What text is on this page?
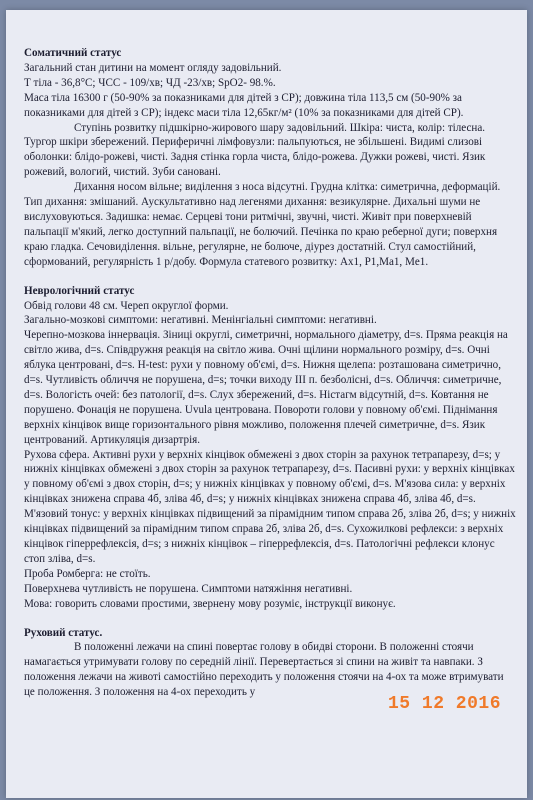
Соматичний статус

Загальний стан дитини на момент огляду задовільний.

Т тіла - 36,8°С; ЧСС - 109/хв; ЧД -23/хв; SpO2- 98.%.

Маса тіла 16300 г (50-90% за показниками для дітей з СР); довжина тіла 113,5 см (50-90% за показниками для дітей з СР); індекс маси тіла 12,65кг/м² (10% за показниками для дітей СР).

Ступінь розвитку підшкірно-жирового шару задовільний. Шкіра: чиста, колір: тілесна. Тургор шкіри збережений. Периферичні лімфовузли: пальпуються, не збільшені. Видимі слизові оболонки: блідо-рожеві, чисті. Задня стінка горла чиста, блідо-рожева. Дужки рожеві, чисті. Язик рожевий, вологий, чистий. Зуби сановані.

Дихання носом вільне; виділення з носа відсутні. Грудна клітка: симетрична, деформацій. Тип дихання: змішаний. Аускультативно над легенями дихання: везикулярне. Дихальні шуми не вислуховуються. Задишка: немає. Серцеві тони ритмічні, звучні, чисті. Живіт при поверхневій пальпації м'який, легко доступний пальпації, не болючий. Печінка по краю реберної дуги; поверхня краю гладка. Сечовиділення. вільне, регулярне, не болюче, діурез достатній. Стул самостійний, сформований, регулярність 1 р/добу. Формула статевого розвитку: Ax1, P1,Ma1, Me1.

Неврологічний статус

Обвід голови 48 см. Череп округлої форми.

Загально-мозкові симптоми: негативні. Менінгіальні симптоми: негативні.

Черепно-мозкова іннервація. Зіниці округлі, симетричні, нормального діаметру, d=s. Пряма реакція на світло жива, d=s. Співдружня реакція на світло жива. Очні щілини нормального розміру, d=s. Очні яблука центровані, d=s. H-test: рухи у повному об'ємі, d=s. Нижня щелепа: розташована симетрично, d=s. Чутливість обличчя не порушена, d=s; точки виходу ІІІ п. безболісні, d=s. Обличчя: симетричне, d=s. Вологість очей: без патології, d=s. Слух збережений, d=s. Ністагм відсутній, d=s. Ковтання не порушено. Фонація не порушена. Uvula центрована. Повороти голови у повному об'ємі. Піднімання верхніх кінцівок вище горизонтального рівня можливо, положення плечей симетричне, d=s. Язик центрований. Артикуляція дизартрія.

Рухова сфера. Активні рухи у верхніх кінцівок обмежені з двох сторін за рахунок тетрапарезу, d=s; у нижніх кінцівках обмежені з двох сторін за рахунок тетрапарезу, d=s. Пасивні рухи: у верхніх кінцівках у повному об'ємі з двох сторін, d=s; у нижніх кінцівках у повному об'ємі, d=s. М'язова сила: у верхніх кінцівках знижена справа 4б, зліва 4б, d=s; у нижніх кінцівках знижена справа 4б, зліва 4б, d=s. М'язовий тонус: у верхніх кінцівках підвищений за пірамідним типом справа 2б, зліва 2б, d=s; у нижніх кінцівках підвищений за пірамідним типом справа 2б, зліва 2б, d=s. Сухожилкові рефлекси: з верхніх кінцівок гіперрефлексія, d=s; з нижніх кінцівок – гіперрефлексія, d=s. Патологічні рефлекси клонус стоп зліва, d=s.

Проба Ромберга: не стоїть.

Поверхнева чутливість не порушена. Симптоми натяжіння негативні.

Мова: говорить словами простими, звернену мову розуміє, інструкції виконує.

Руховий статус.

В положенні лежачи на спині повертає голову в обидві сторони. В положенні стоячи намагається утримувати голову по середній лінії. Перевертається зі спини на живіт та навпаки. З положення лежачи на животі самостійно переходить у положення стоячи на 4-ох та може втримувати це положення. З положення на 4-ох переходить у

15 12 2016
